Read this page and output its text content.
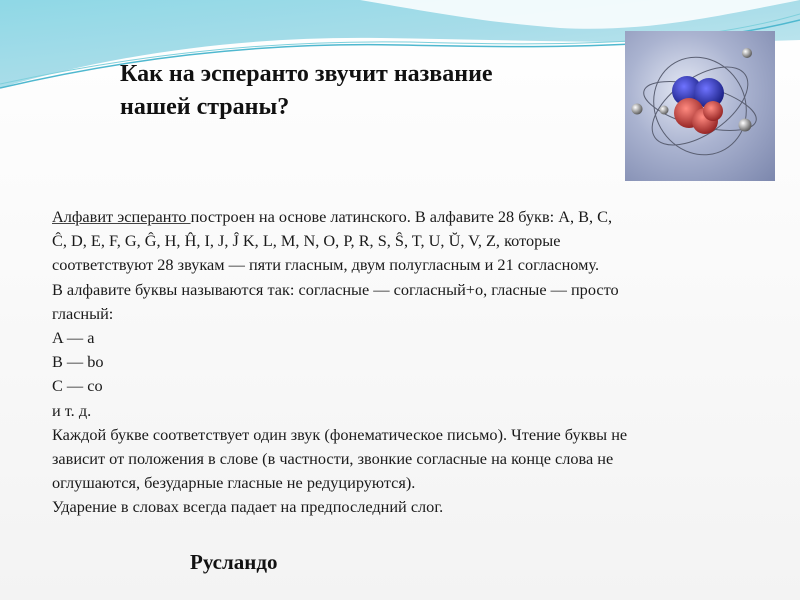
Как на эсперанто звучит название
нашей страны?

Алфавит эсперанто построен на основе латинского. В алфавите 28 букв: A, B, C,

Ĉ, D, E, F, G, Ĝ, H, Ĥ, I, J, Ĵ K, L, M, N, O, P, R, S, Ŝ, T, U, Ŭ, V, Z, которые

соответствуют 28 звукам — пяти гласным, двум полугласным и 21 согласному.

В алфавите буквы называются так: согласные — согласный+о, гласные — просто

гласный:

A — a

B — bo

C — co

и т. д.

Каждой букве соответствует один звук (фонематическое письмо). Чтение буквы не

зависит от положения в слове (в частности, звонкие согласные на конце слова не

оглушаются, безударные гласные не редуцируются).

Ударение в словах всегда падает на предпоследний слог.

Русландо
